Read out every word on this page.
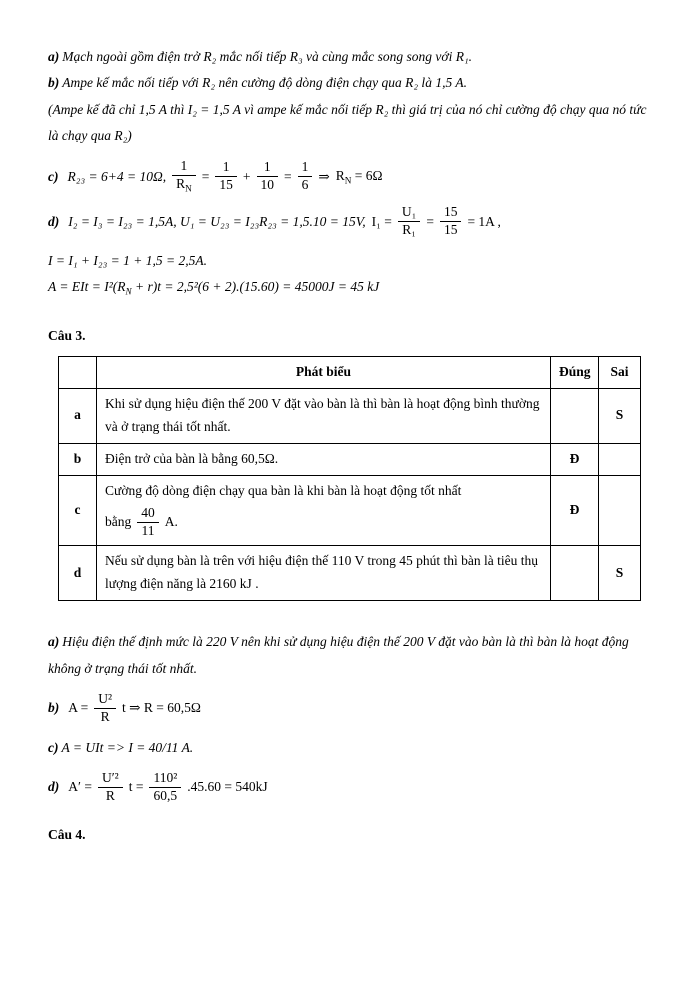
a) Mạch ngoài gồm điện trở R₂ mắc nối tiếp R₃ và cùng mắc song song với R₁.

b) Ampe kế mắc nối tiếp với R₂ nên cường độ dòng điện chạy qua R₂ là 1,5 A.

(Ampe kế đã chỉ 1,5 A thì I₂ = 1,5 A vì ampe kế mắc nối tiếp R₂ thì giá trị của nó chỉ cường độ chạy qua nó tức là chạy qua R₂)

c) R₂₃ = 6+4 = 10Ω, $\frac{1}{R_N} = \frac{1}{15} + \frac{1}{10} = \frac{1}{6}$ ⇒ $R_N = 6\Omega$
d) I₂ = I₃ = I₂₃ = 1,5A, U₁ = U₂₃ = I₂₃R₂₃ = 1,5.10 = 15V, $I_1 = \frac{\text{U₁}}{\text{R₁}} = \frac{15}{15} = 1A$ ,

I = I₁ + I₂₃ = 1 + 1,5 = 2,5A.

A = EIt = $I^2(R_N + r)t = 2,5^2(6 + 2).(15.60) = 45000J = 45$ kJ

Câu 3.
	Phát biểu	Đúng	Sai
a	Khi sử dụng hiệu điện thế 200 V đặt vào bàn là thì bàn là hoạt động bình thường và ở trạng thái tốt nhất.		S
b	Điện trở của bàn là bằng 60,5Ω.	Đ	
c	Cường độ dòng điện chạy qua bàn là khi bàn là hoạt động tốt nhất
bằng $\frac{40}{11} A$.	Đ	
d	Nếu sử dụng bàn là trên với hiệu điện thế 110 V trong 45 phút thì bàn là tiêu thụ lượng điện năng là 2160 kJ .		S

a) Hiệu điện thế định mức là 220 V nên khi sử dụng hiệu điện thế 200 V đặt vào bàn là thì bàn là hoạt động không ở trạng thái tốt nhất.

b) $A = \frac{\text{U²}}{R}$ t ⇒ R = 60,5Ω

c) A = UIt => I = 40/11 A.

d) $A' = \frac{\text{U′²}}{R}$ $t = \frac{\text{110²}}{60,5} .45.60 = 540kJ$
Câu 4.
